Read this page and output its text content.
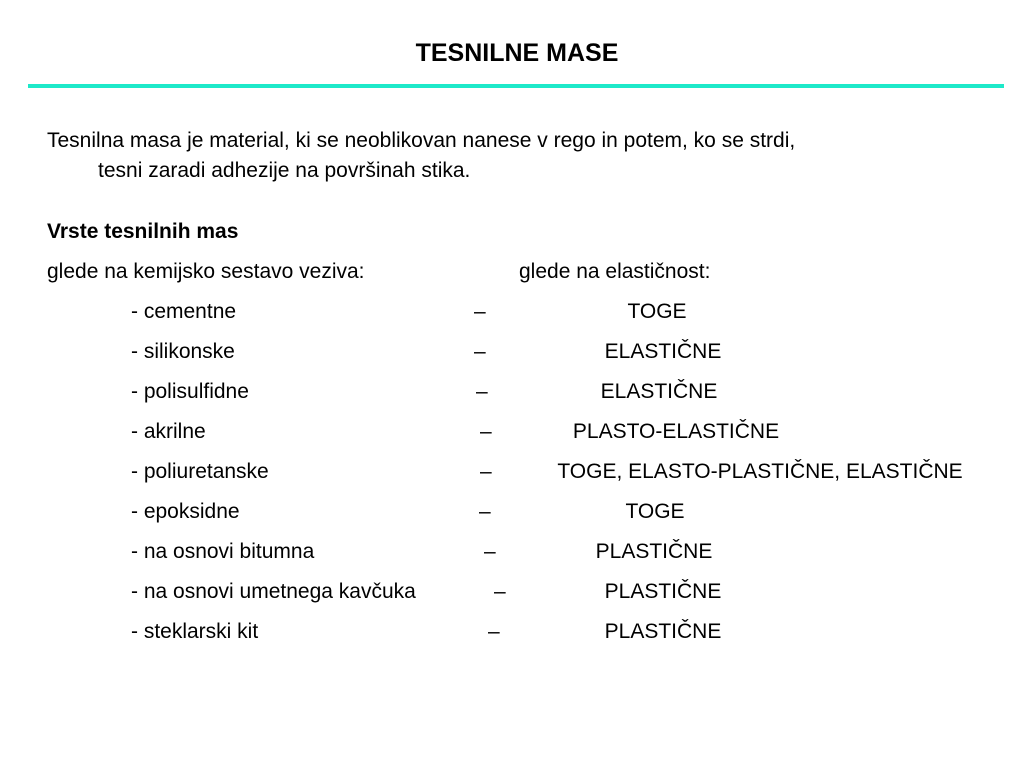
TESNILNE MASE

Tesnilna masa je material, ki se neoblikovan nanese v rego in potem, ko se strdi,
tesni zaradi adhezije na površinah stika.

Vrste tesnilnih mas

glede na kemijsko sestavo veziva:	glede na elastičnost:
- cementne	–	TOGE
- silikonske	–	ELASTIČNE
- polisulfidne	–	ELASTIČNE
- akrilne	–	PLASTO-ELASTIČNE
- poliuretanske	–	TOGE, ELASTO-PLASTIČNE, ELASTIČNE
- epoksidne	–	TOGE
- na osnovi bitumna	–	PLASTIČNE
- na osnovi umetnega kavčuka	–	PLASTIČNE
- steklarski kit	–	PLASTIČNE
